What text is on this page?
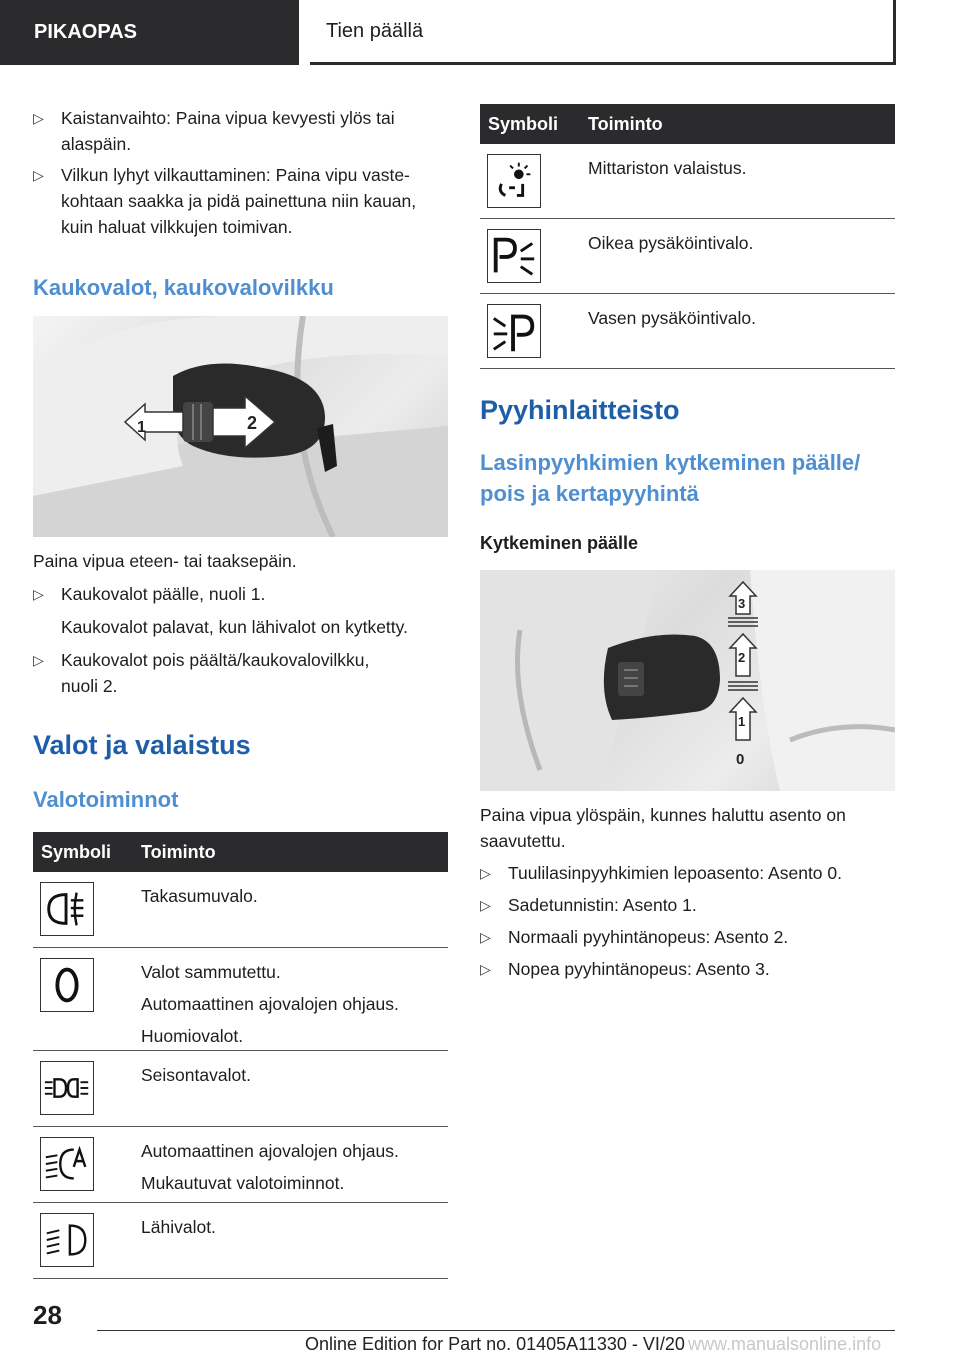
PIKAOPAS	Tien päällä
▷ Kaistanvaihto: Paina vipua kevyesti ylös tai
alaspäin.
▷ Vilkun lyhyt vilkauttaminen: Paina vipu vaste-
kohtaan saakka ja pidä painettuna niin kauan,
kuin haluat vilkkujen toimivan.
Kaukovalot, kaukovalovilkku
1	2
Paina vipua eteen- tai taaksepäin.
▷ Kaukovalot päälle, nuoli 1.
Kaukovalot palavat, kun lähivalot on kytketty.
▷ Kaukovalot pois päältä/kaukovalovilkku,
nuoli 2.
Valot ja valaistus
Valotoiminnot
Symboli Toiminto
Takasumuvalo.
Valot sammutettu.
Automaattinen ajovalojen ohjaus.
Huomiovalot.
Seisontavalot.
Automaattinen ajovalojen ohjaus.
Mukautuvat valotoiminnot.
Lähivalot.
Symboli Toiminto
Mittariston valaistus.
Oikea pysäköintivalo.
Vasen pysäköintivalo.
Pyyhinlaitteisto
Lasinpyyhkimien kytkeminen päälle/
pois ja kertapyyhintä
Kytkeminen päälle
3
2
1
0
Paina vipua ylöspäin, kunnes haluttu asento on
saavutettu.
▷ Tuulilasinpyyhkimien lepoasento: Asento 0.
▷ Sadetunnistin: Asento 1.
▷ Normaali pyyhintänopeus: Asento 2.
▷ Nopea pyyhintänopeus: Asento 3.
28
Online Edition for Part no. 01405A11330 - VI/20 www.manualsonline.info
